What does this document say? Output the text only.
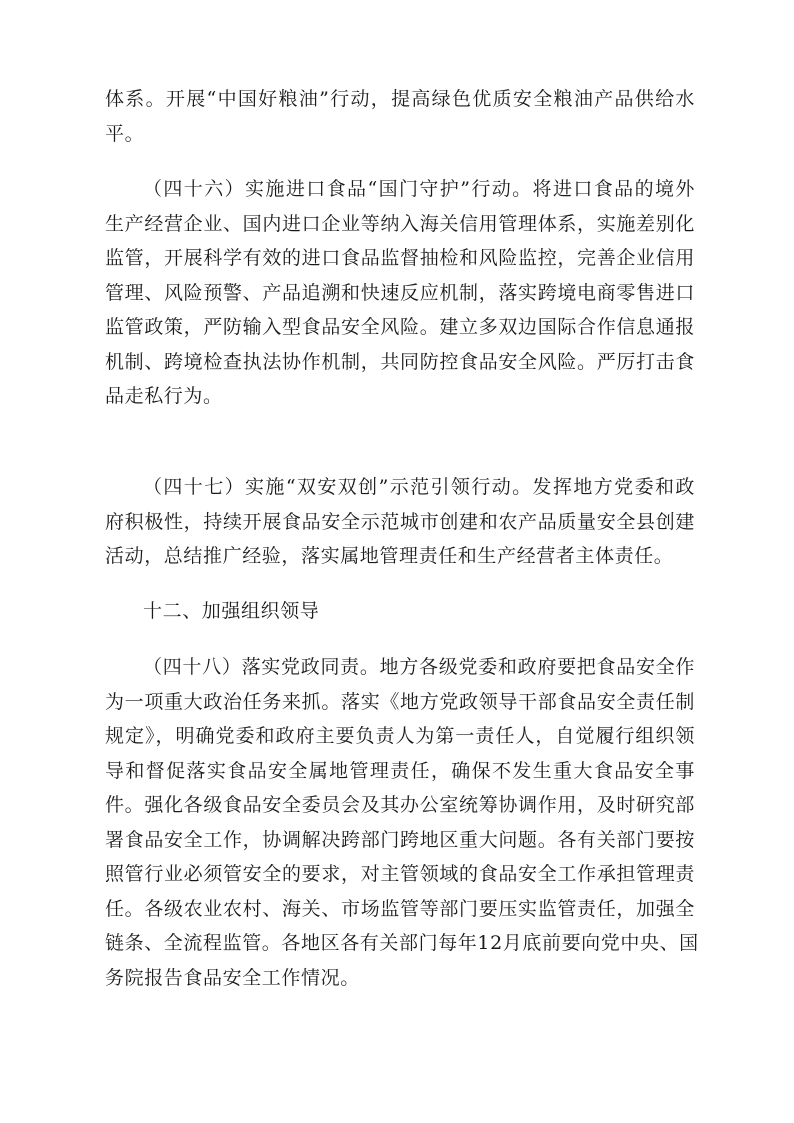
体系。开展“中国好粮油”行动，提高绿色优质安全粮油产品供给水
平。
（四十六）实施进口食品“国门守护”行动。将进口食品的境外
生产经营企业、国内进口企业等纳入海关信用管理体系，实施差别化
监管，开展科学有效的进口食品监督抽检和风险监控，完善企业信用
管理、风险预警、产品追溯和快速反应机制，落实跨境电商零售进口
监管政策，严防输入型食品安全风险。建立多双边国际合作信息通报
机制、跨境检查执法协作机制，共同防控食品安全风险。严厉打击食
品走私行为。
（四十七）实施“双安双创”示范引领行动。发挥地方党委和政
府积极性，持续开展食品安全示范城市创建和农产品质量安全县创建
活动，总结推广经验，落实属地管理责任和生产经营者主体责任。
十二、加强组织领导
（四十八）落实党政同责。地方各级党委和政府要把食品安全作
为一项重大政治任务来抓。落实《地方党政领导干部食品安全责任制
规定》，明确党委和政府主要负责人为第一责任人，自觉履行组织领
导和督促落实食品安全属地管理责任，确保不发生重大食品安全事
件。强化各级食品安全委员会及其办公室统筹协调作用，及时研究部
署食品安全工作，协调解决跨部门跨地区重大问题。各有关部门要按
照管行业必须管安全的要求，对主管领域的食品安全工作承担管理责
任。各级农业农村、海关、市场监管等部门要压实监管责任，加强全
链条、全流程监管。各地区各有关部门每年12月底前要向党中央、国
务院报告食品安全工作情况。
